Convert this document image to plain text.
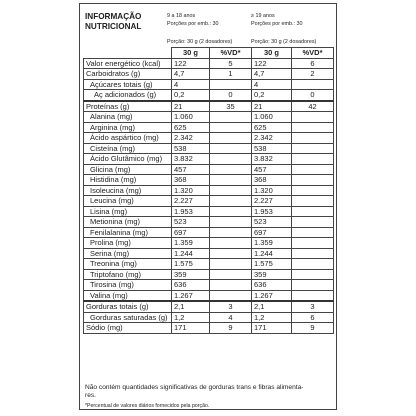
INFORMAÇÃO
NUTRICIONAL
9 a 18 anos
Porções por emb.: 30
≥ 19 anos
Porções por emb.: 30
Porção: 30 g (2 dosadores)	Porção: 30 g (2 dosadores)
	30 g	%VD*	30 g	%VD*
Valor energético (kcal)	122	5	122	6
Carboidratos (g)	4,7	1	4,7	2
Açúcares totais (g)	4		4	
Aç adicionados (g)	0,2	0	0,2	0
Proteínas (g)	21	35	21	42
Alanina (mg)	1.060		1.060	
Arginina (mg)	625		625	
Ácido aspártico (mg)	2.342		2.342	
Cisteína (mg)	538		538	
Ácido Glutâmico (mg)	3.832		3.832	
Glicina (mg)	457		457	
Histidina (mg)	368		368	
Isoleucina (mg)	1.320		1.320	
Leucina (mg)	2.227		2.227	
Lisina (mg)	1.953		1.953	
Metionina (mg)	523		523	
Fenilalanina (mg)	697		697	
Prolina (mg)	1.359		1.359	
Serina (mg)	1.244		1.244	
Treonina (mg)	1.575		1.575	
Triptofano (mg)	359		359	
Tirosina (mg)	636		636	
Valina (mg)	1.267		1.267	
Gorduras totais (g)	2,1	3	2,1	3
Gorduras saturadas (g)	1,2	4	1,2	6
Sódio (mg)	171	9	171	9
Não contém quantidades significativas de gorduras trans e fibras alimenta-
res.
*Percentual de valores diários fornecidos pela porção.
